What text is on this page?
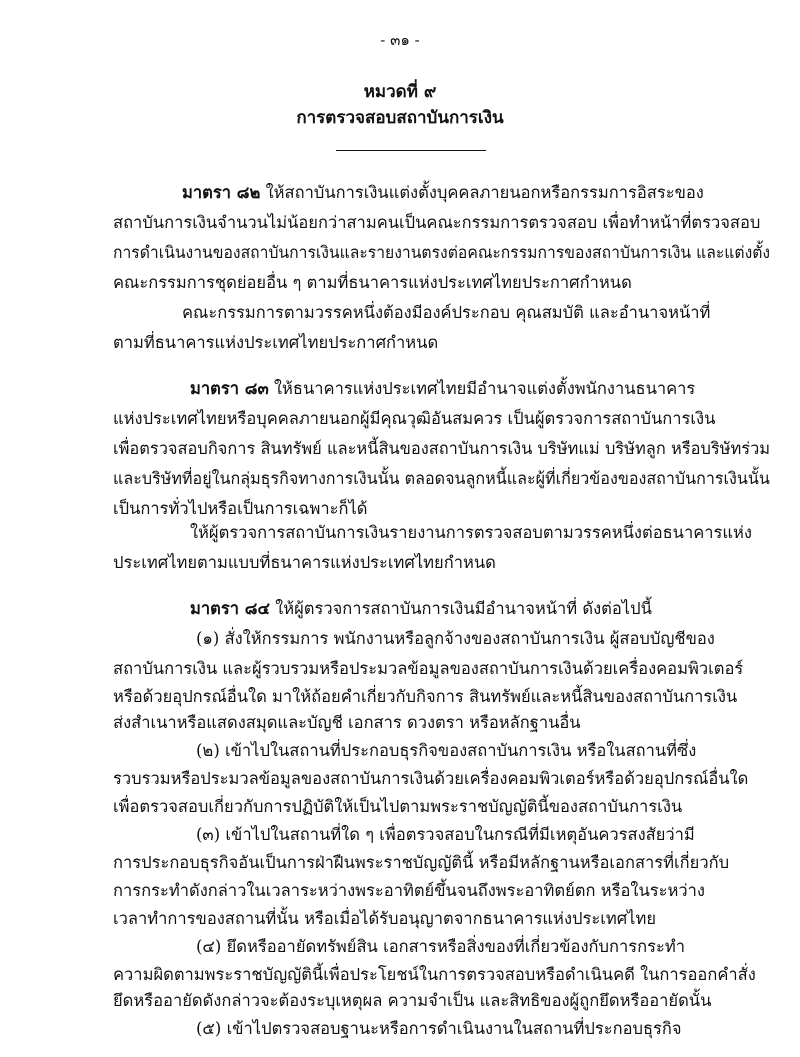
- ๓๑ -
หมวดที่ ๙
การตรวจสอบสถาบันการเงิน
มาตรา ๘๒ ให้สถาบันการเงินแต่งตั้งบุคคลภายนอกหรือกรรมการอิสระของ
สถาบันการเงินจำนวนไม่น้อยกว่าสามคนเป็นคณะกรรมการตรวจสอบ เพื่อทำหน้าที่ตรวจสอบ
การดำเนินงานของสถาบันการเงินและรายงานตรงต่อคณะกรรมการของสถาบันการเงิน และแต่งตั้ง
คณะกรรมการชุดย่อยอื่น ๆ ตามที่ธนาคารแห่งประเทศไทยประกาศกำหนด
คณะกรรมการตามวรรคหนึ่งต้องมีองค์ประกอบ คุณสมบัติ และอำนาจหน้าที่
ตามที่ธนาคารแห่งประเทศไทยประกาศกำหนด
มาตรา ๘๓ ให้ธนาคารแห่งประเทศไทยมีอำนาจแต่งตั้งพนักงานธนาคาร
แห่งประเทศไทยหรือบุคคลภายนอกผู้มีคุณวุฒิอันสมควร เป็นผู้ตรวจการสถาบันการเงิน
เพื่อตรวจสอบกิจการ สินทรัพย์ และหนี้สินของสถาบันการเงิน บริษัทแม่ บริษัทลูก หรือบริษัทร่วม
และบริษัทที่อยู่ในกลุ่มธุรกิจทางการเงินนั้น ตลอดจนลูกหนี้และผู้ที่เกี่ยวข้องของสถาบันการเงินนั้น
เป็นการทั่วไปหรือเป็นการเฉพาะก็ได้
ให้ผู้ตรวจการสถาบันการเงินรายงานการตรวจสอบตามวรรคหนึ่งต่อธนาคารแห่ง
ประเทศไทยตามแบบที่ธนาคารแห่งประเทศไทยกำหนด
มาตรา ๘๔ ให้ผู้ตรวจการสถาบันการเงินมีอำนาจหน้าที่ ดังต่อไปนี้
(๑) สั่งให้กรรมการ พนักงานหรือลูกจ้างของสถาบันการเงิน ผู้สอบบัญชีของ
สถาบันการเงิน และผู้รวบรวมหรือประมวลข้อมูลของสถาบันการเงินด้วยเครื่องคอมพิวเตอร์
หรือด้วยอุปกรณ์อื่นใด มาให้ถ้อยคำเกี่ยวกับกิจการ สินทรัพย์และหนี้สินของสถาบันการเงิน
ส่งสำเนาหรือแสดงสมุดและบัญชี เอกสาร ดวงตรา หรือหลักฐานอื่น
(๒) เข้าไปในสถานที่ประกอบธุรกิจของสถาบันการเงิน หรือในสถานที่ซึ่ง
รวบรวมหรือประมวลข้อมูลของสถาบันการเงินด้วยเครื่องคอมพิวเตอร์หรือด้วยอุปกรณ์อื่นใด
เพื่อตรวจสอบเกี่ยวกับการปฏิบัติให้เป็นไปตามพระราชบัญญัตินี้ของสถาบันการเงิน
(๓) เข้าไปในสถานที่ใด ๆ เพื่อตรวจสอบในกรณีที่มีเหตุอันควรสงสัยว่ามี
การประกอบธุรกิจอันเป็นการฝ่าฝืนพระราชบัญญัตินี้ หรือมีหลักฐานหรือเอกสารที่เกี่ยวกับ
การกระทำดังกล่าวในเวลาระหว่างพระอาทิตย์ขึ้นจนถึงพระอาทิตย์ตก หรือในระหว่าง
เวลาทำการของสถานที่นั้น หรือเมื่อได้รับอนุญาตจากธนาคารแห่งประเทศไทย
(๔) ยึดหรืออายัดทรัพย์สิน เอกสารหรือสิ่งของที่เกี่ยวข้องกับการกระทำ
ความผิดตามพระราชบัญญัตินี้เพื่อประโยชน์ในการตรวจสอบหรือดำเนินคดี ในการออกคำสั่ง
ยึดหรืออายัดดังกล่าวจะต้องระบุเหตุผล ความจำเป็น และสิทธิของผู้ถูกยึดหรืออายัดนั้น
(๕) เข้าไปตรวจสอบฐานะหรือการดำเนินงานในสถานที่ประกอบธุรกิจ
